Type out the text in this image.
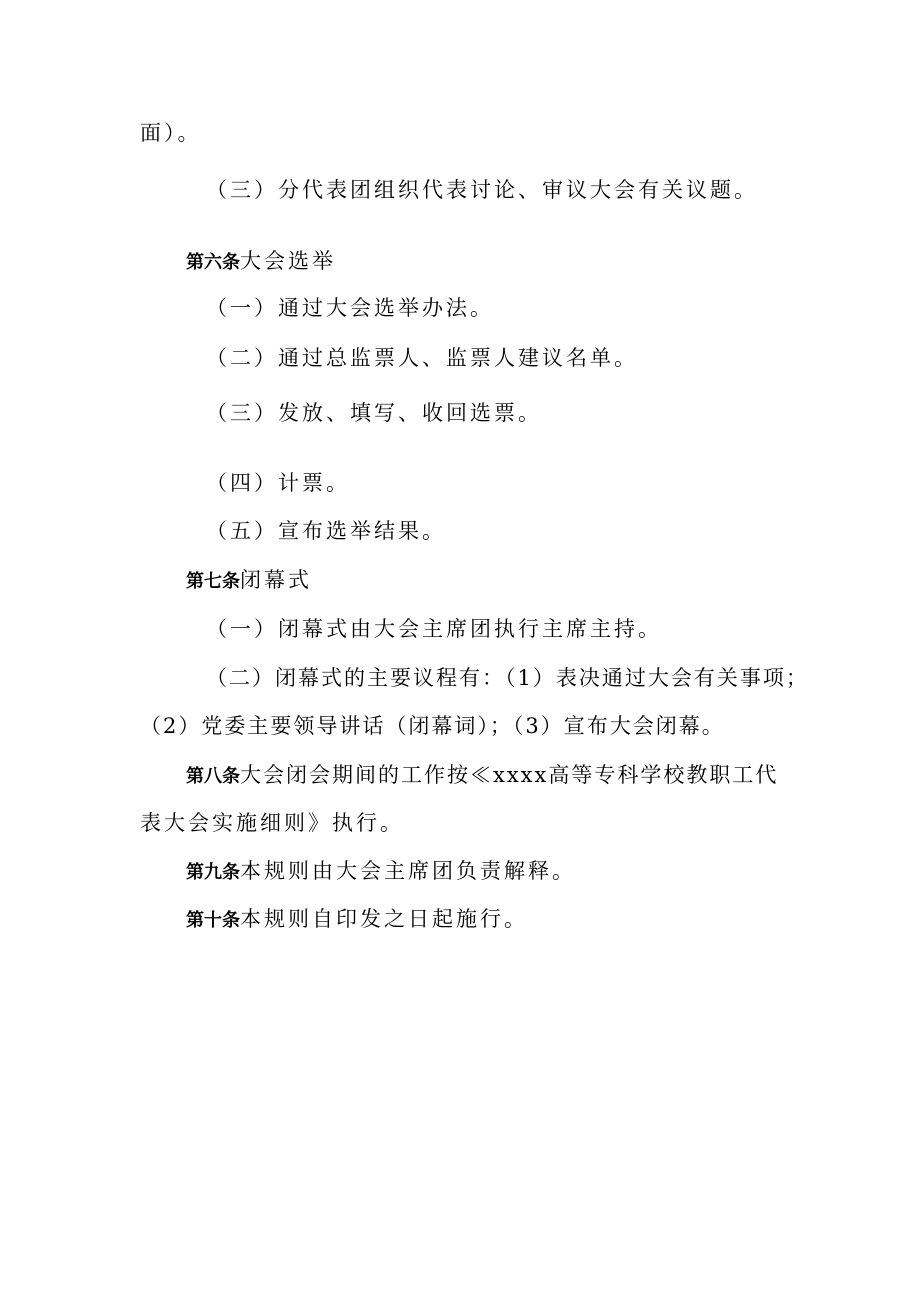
面）。
（三）分代表团组织代表讨论、审议大会有关议题。
第六条大会选举
（一）通过大会选举办法。
（二）通过总监票人、监票人建议名单。
（三）发放、填写、收回选票。
（四）计票。
（五）宣布选举结果。
第七条闭幕式
（一）闭幕式由大会主席团执行主席主持。
（二）闭幕式的主要议程有：（1）表决通过大会有关事项；
（2）党委主要领导讲话（闭幕词）；（3）宣布大会闭幕。
第八条大会闭会期间的工作按≪xxxx高等专科学校教职工代
表大会实施细则》执行。
第九条本规则由大会主席团负责解释。
第十条本规则自印发之日起施行。
